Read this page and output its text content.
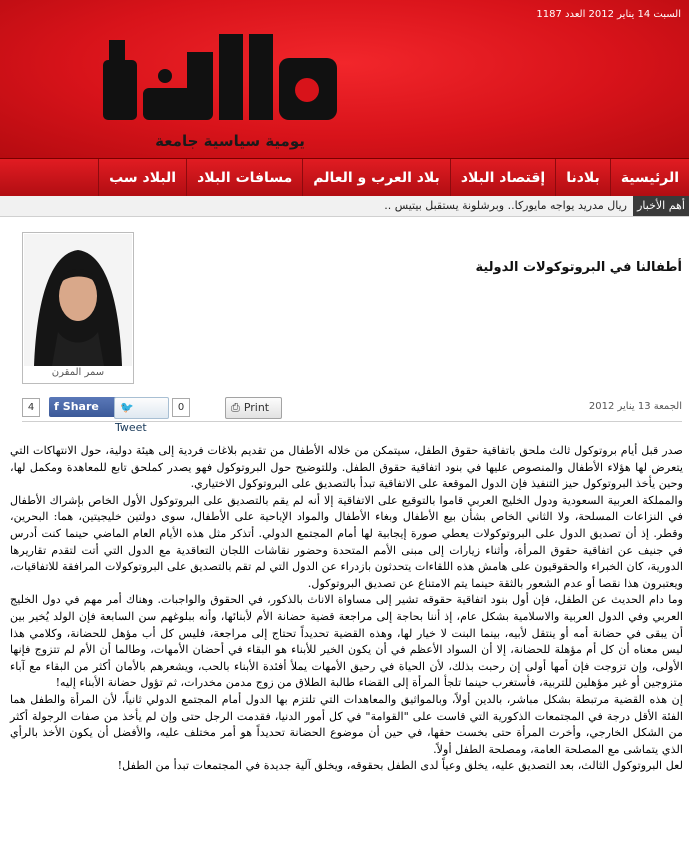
السبت 14 يناير 2012 العدد 1187
يومية سياسية جامعة
الرئيسية
بلادنا
إقتصاد البلاد
بلاد العرب و العالم
مسافات البلاد
البلاد سب
أهم الأخبار
ريال مدريد يواجه مايوركا.. وبرشلونة يستقبل بيتيس ..
سمر المقرن
أطفالنا في البروتوكولات الدولية
4	f Share	🐦Tweet
0	⎙ Print	الجمعة 13 يناير 2012

صدر قبل أيام بروتوكول ثالث ملحق باتفاقية حقوق الطفل، سيتمكن من خلاله الأطفال من تقديم بلاغات فردية إلى هيئة دولية، حول الانتهاكات التي يتعرض لها هؤلاء الأطفال والمنصوص عليها في بنود اتفاقية حقوق الطفل. وللتوضيح حول البروتوكول فهو يصدر كملحق تابع للمعاهدة ومكمل لها، وحين يأخذ البروتوكول حيز التنفيذ فإن الدول الموقعة على الاتفاقية تبدأ بالتصديق على البروتوكول الاختياري.

والمملكة العربية السعودية ودول الخليج العربي قاموا بالتوقيع على الاتفاقية إلا أنه لم يقم بالتصديق على البروتوكول الأول الخاص بإشراك الأطفال في النزاعات المسلحة، ولا الثاني الخاص بشأن بيع الأطفال وبغاء الأطفال والمواد الإباحية على الأطفال، سوى دولتين خليجيتين، هما: البحرين، وقطر. إذ أن تصديق الدول على البروتوكولات يعطي صورة إيجابية لها أمام المجتمع الدولي. أتذكر مثل هذه الأيام العام الماضي حينما كنت أدرس في جنيف عن اتفاقية حقوق المرأة، وأثناء زيارات إلى مبنى الأمم المتحدة وحضور نقاشات اللجان التعاقدية مع الدول التي أتت لتقدم تقاريرها الدورية، كان الخبراء والحقوقيون على هامش هذه اللقاءات يتحدثون بازدراء عن الدول التي لم تقم بالتصديق على البروتوكولات المرافقة للاتفاقيات، ويعتبرون هذا نقصا أو عدم الشعور بالثقة حينما يتم الامتناع عن تصديق البروتوكول.

وما دام الحديث عن الطفل، فإن أول بنود اتفاقية حقوقه تشير إلى مساواة الاناث بالذكور، في الحقوق والواجبات. وهناك أمر مهم في دول الخليج العربي وفي الدول العربية والاسلامية بشكل عام، إذ أننا بحاجة إلى مراجعة قضية حضانة الأم لأبنائها، وأنه ببلوغهم سن السابعة فإن الولد يُخير بين أن يبقى في حضانة أمه أو ينتقل لأبيه، بينما البنت لا خيار لها، وهذه القضية تحديداً تحتاج إلى مراجعة، فليس كل أب مؤهل للحضانة، وكلامي هذا ليس معناه أن كل أم مؤهلة للحضانة، إلا أن السواد الأعظم في أن يكون الخير للأبناء هو البقاء في أحضان الأمهات، وطالما أن الأم لم تتزوج فإنها الأولى، وإن تزوجت فإن أمها أولى إن رحبت بذلك، لأن الحياة في رحيق الأمهات يملأ أفئدة الأبناء بالحب، ويشعرهم بالأمان أكثر من البقاء مع آباء متزوجين أو غير مؤهلين للتربية، فأستغرب حينما تلجأ المرأة إلى القضاء طالبة الطلاق من زوج مدمن مخدرات، ثم تؤول حضانة الأبناء إليه!

إن هذه القضية مرتبطة بشكل مباشر، بالدين أولاً، وبالمواثيق والمعاهدات التي تلتزم بها الدول أمام المجتمع الدولي ثانياً، لأن المرأة والطفل هما الفئة الأقل درجة في المجتمعات الذكورية التي قاست على "القوامة" في كل أمور الدنيا، فقدمت الرجل حتى وإن لم يأخذ من صفات الرجولة أكثر من الشكل الخارجي، وأخرت المرأة حتى بخست حقها، في حين أن موضوع الحضانة تحديداً هو أمر مختلف عليه، والأفضل أن يكون الأخذ بالرأي الذي يتماشى مع المصلحة العامة، ومصلحة الطفل أولاً.

لعل البروتوكول الثالث، بعد التصديق عليه، يخلق وعياً لدى الطفل بحقوقه، ويخلق آلية جديدة في المجتمعات تبدأ من الطفل!
